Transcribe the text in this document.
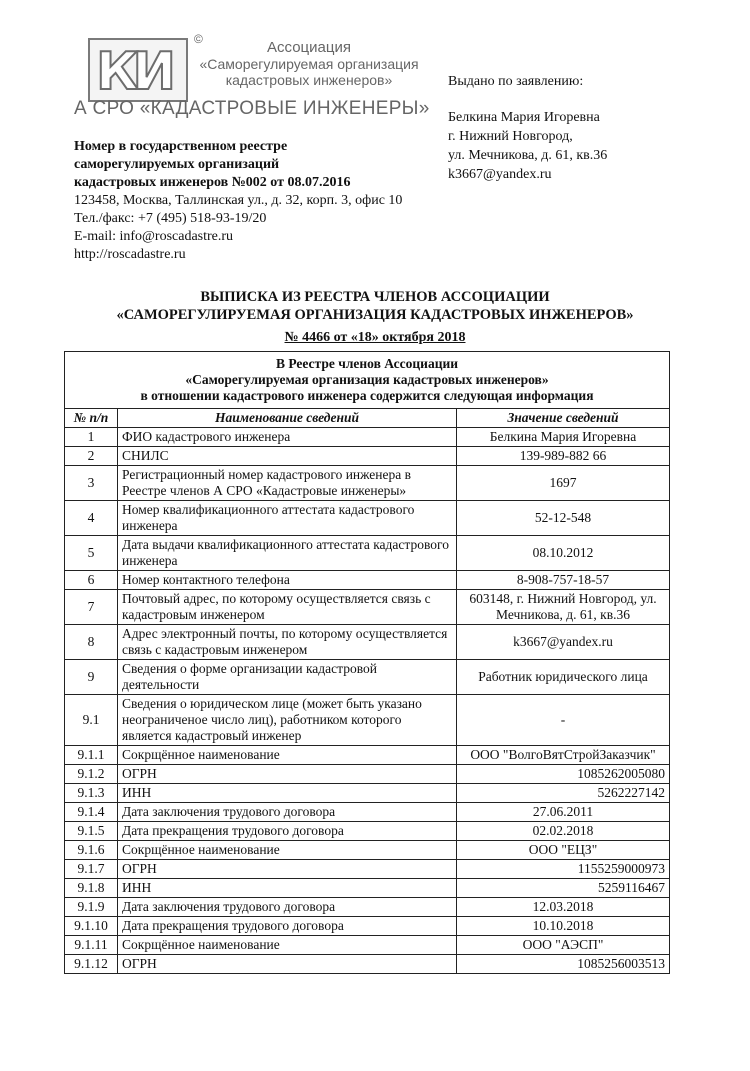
КИ
©	Ассоциация
«Саморегулируемая организация
кадастровых инженеров»
А СРО «КАДАСТРОВЫЕ ИНЖЕНЕРЫ»
Выдано по заявлению:
Белкина Мария Игоревна
г. Нижний Новгород,
ул. Мечникова, д. 61, кв.36
k3667@yandex.ru
Номер в государственном реестре
саморегулируемых организаций
кадастровых инженеров №002 от 08.07.2016
123458, Москва, Таллинская ул., д. 32, корп. 3, офис 10
Тел./факс: +7 (495) 518-93-19/20
E-mail: info@roscadastre.ru
http://roscadastre.ru
ВЫПИСКА ИЗ РЕЕСТРА ЧЛЕНОВ АССОЦИАЦИИ
«САМОРЕГУЛИРУЕМАЯ ОРГАНИЗАЦИЯ КАДАСТРОВЫХ ИНЖЕНЕРОВ»
№ 4466 от «18» октября 2018
В Реестре членов Ассоциации
«Саморегулируемая организация кадастровых инженеров»
в отношении кадастрового инженера содержится следующая информация		

№ п/п	Наименование сведений	Значение сведений
1	ФИО кадастрового инженера	Белкина Мария Игоревна
2	СНИЛС	139-989-882 66
3	Регистрационный номер кадастрового инженера в Реестре членов А СРО «Кадастровые инженеры»	1697
4	Номер квалификационного аттестата кадастрового инженера	52-12-548
5	Дата выдачи квалификационного аттестата кадастрового инженера	08.10.2012
6	Номер контактного телефона	8-908-757-18-57
7	Почтовый адрес, по которому осуществляется связь с кадастровым инженером	603148, г. Нижний Новгород, ул. Мечникова, д. 61, кв.36
8	Адрес электронный почты, по которому осуществляется связь с кадастровым инженером	k3667@yandex.ru
9	Сведения о форме организации кадастровой деятельности	Работник юридического лица
9.1	Сведения о юридическом лице (может быть указано неограниченое число лиц), работником которого является кадастровый инженер	-
9.1.1	Сокрщённое наименование	ООО "ВолгоВятСтройЗаказчик"
9.1.2	ОГРН	1085262005080
9.1.3	ИНН	5262227142
9.1.4	Дата заключения трудового договора	27.06.2011
9.1.5	Дата прекращения трудового договора	02.02.2018
9.1.6	Сокрщённое наименование	ООО "ЕЦЗ"
9.1.7	ОГРН	1155259000973
9.1.8	ИНН	5259116467
9.1.9	Дата заключения трудового договора	12.03.2018
9.1.10	Дата прекращения трудового договора	10.10.2018
9.1.11	Сокрщённое наименование	ООО "АЭСП"
9.1.12	ОГРН	1085256003513
